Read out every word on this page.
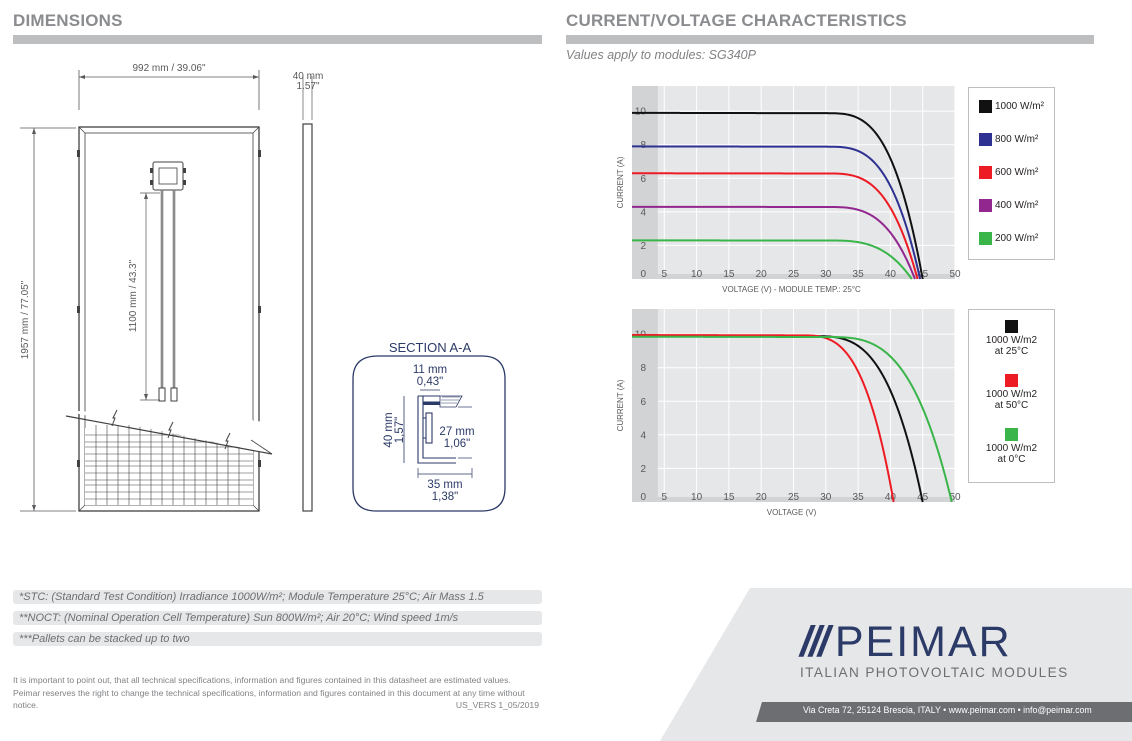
DIMENSIONS
992 mm / 39.06"
1957 mm / 77.05"	1100 mm / 43.3"
40 mm
1.57"
SECTION A-A
11 mm
0,43"
40 mm 1,57"	27 mm
1,06"
35 mm
1,38"
CURRENT/VOLTAGE CHARACTERISTICS
Values apply to modules: SG340P
2
4
6
8
10
0 5 10 15 20 25 30 35 40 45 50
CURRENT (A)
VOLTAGE (V) - MODULE TEMP.: 25°C
1000 W/m²
800 W/m²
600 W/m²
400 W/m²
200 W/m²
2
4
6
8
10
0 5 10 15 20 25 30 35 40 45 50
CURRENT (A)
VOLTAGE (V)
1000 W/m2
at 25°C
1000 W/m2
at 50°C
1000 W/m2
at 0°C
*STC: (Standard Test Condition) Irradiance 1000W/m²; Module Temperature 25°C; Air Mass 1.5
**NOCT: (Nominal Operation Cell Temperature) Sun 800W/m²; Air 20°C; Wind speed 1m/s
***Pallets can be stacked up to two
It is important to point out, that all technical specifications, information and figures contained in this datasheet are estimated values.
Peimar reserves the right to change the technical specifications, information and figures contained in this document at any time without
notice.	US_VERS 1_05/2019
/// PEIMAR
ITALIAN PHOTOVOLTAIC MODULES
Via Creta 72, 25124 Brescia, ITALY • www.peimar.com • info@peimar.com
